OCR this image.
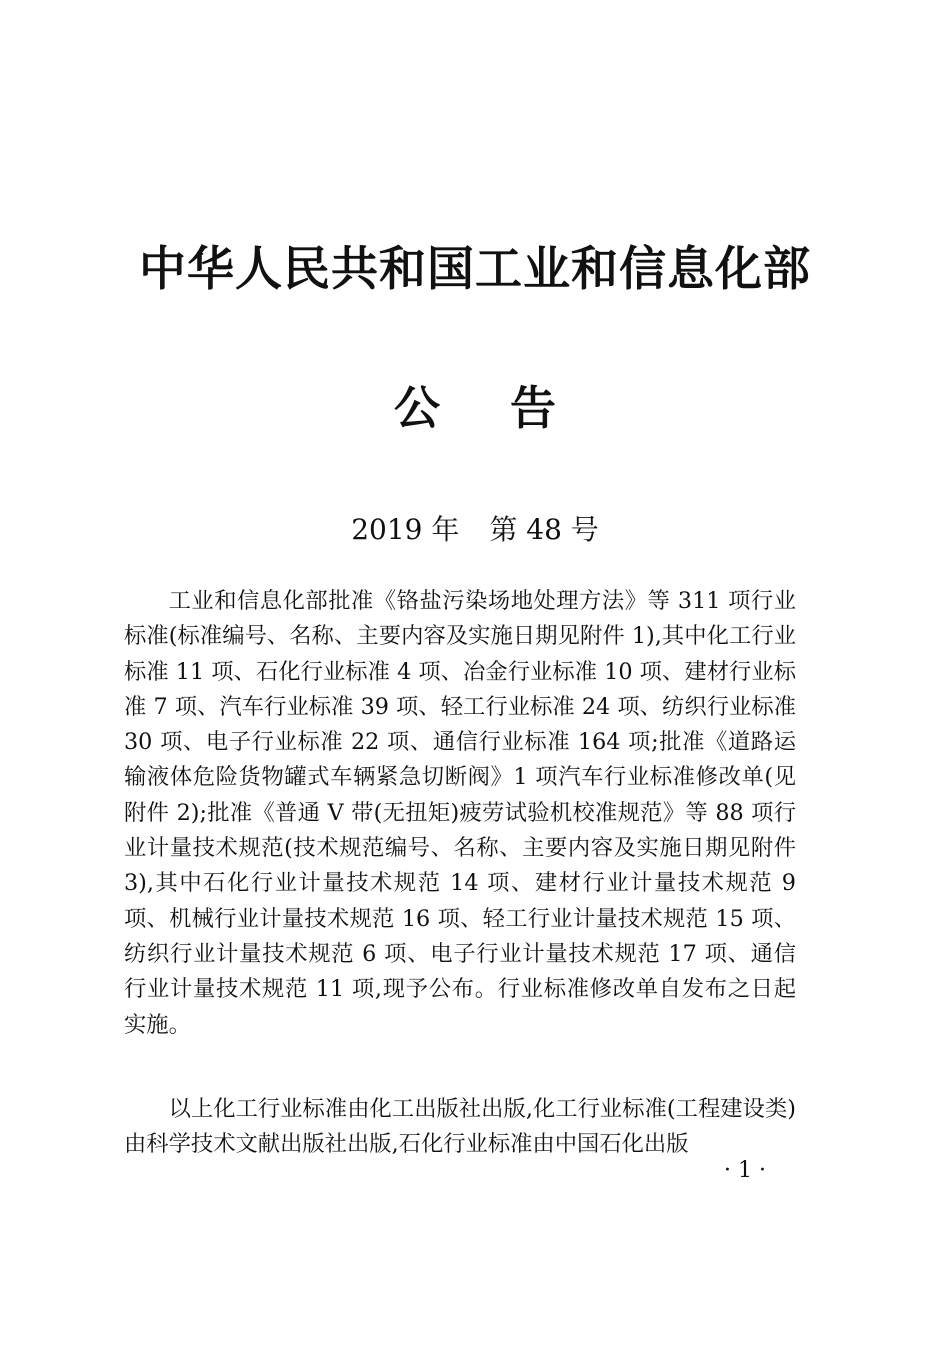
中华人民共和国工业和信息化部
公 告

2019 年 第 48 号

工业和信息化部批准《铬盐污染场地处理方法》等 311 项行业标准(标准编号、名称、主要内容及实施日期见附件 1),其中化工行业标准 11 项、石化行业标准 4 项、冶金行业标准 10 项、建材行业标准 7 项、汽车行业标准 39 项、轻工行业标准 24 项、纺织行业标准 30 项、电子行业标准 22 项、通信行业标准 164 项;批准《道路运输液体危险货物罐式车辆紧急切断阀》1 项汽车行业标准修改单(见附件 2);批准《普通 V 带(无扭矩)疲劳试验机校准规范》等 88 项行业计量技术规范(技术规范编号、名称、主要内容及实施日期见附件 3),其中石化行业计量技术规范 14 项、建材行业计量技术规范 9 项、机械行业计量技术规范 16 项、轻工行业计量技术规范 15 项、纺织行业计量技术规范 6 项、电子行业计量技术规范 17 项、通信行业计量技术规范 11 项,现予公布。行业标准修改单自发布之日起实施。

以上化工行业标准由化工出版社出版,化工行业标准(工程建设类)由科学技术文献出版社出版,石化行业标准由中国石化出版

· 1 ·
